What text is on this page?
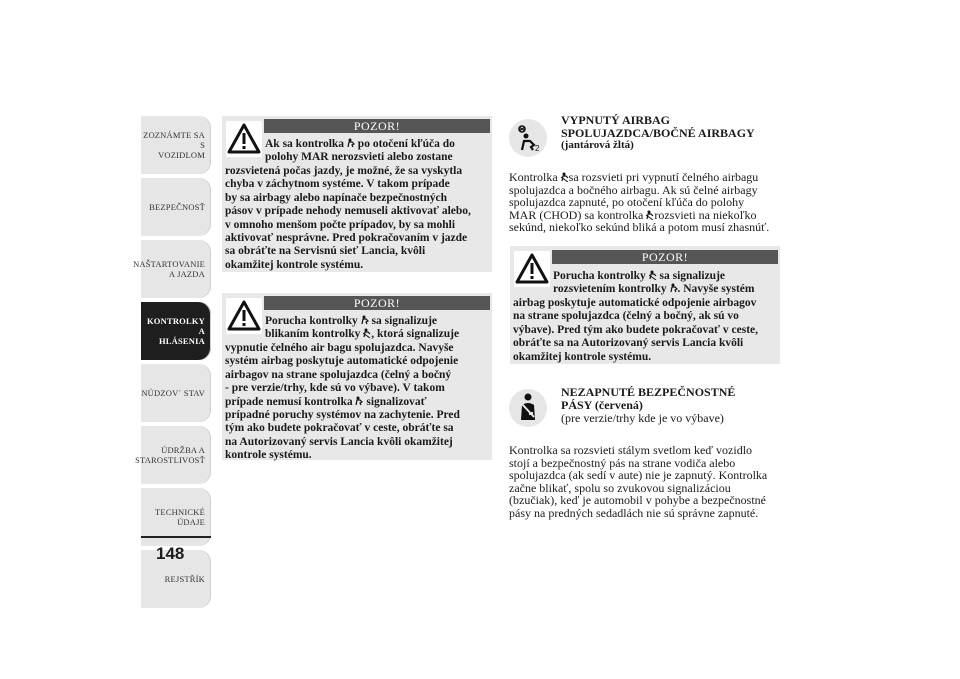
ZOZNÁMTE SA S
VOZIDLOM
BEZPEČNOSŤ
NAŠTARTOVANIE
A JAZDA
KONTROLKY A
HLÁSENIA
NÚDZOV´ STAV
ÚDRŽBA A
STAROSTLIVOSŤ
TECHNICKÉ
ÚDAJE
REJSTŘÍK
148
POZOR!
Ak sa kontrolka po otočení kľúča do
polohy MAR nerozsvieti alebo zostane
rozsvietená počas jazdy, je možné, že sa vyskytla
chyba v záchytnom systéme. V takom prípade
by sa airbagy alebo napínače bezpečnostných
pásov v prípade nehody nemuseli aktivovať alebo,
v omnoho menšom počte prípadov, by sa mohli
aktivovať nesprávne. Pred pokračovaním v jazde
sa obráťte na Servisnú sieť Lancia, kvôli
okamžitej kontrole systému.
POZOR!
Porucha kontrolky sa signalizuje
blikaním kontrolky , ktorá signalizuje
vypnutie čelného air bagu spolujazdca. Navyše
systém airbag poskytuje automatické odpojenie
airbagov na strane spolujazdca (čelný a bočný
- pre verzie/trhy, kde sú vo výbave). V takom
prípade nemusí kontrolka signalizovať
prípadné poruchy systémov na zachytenie. Pred
tým ako budete pokračovať v ceste, obráťte sa
na Autorizovaný servis Lancia kvôli okamžitej
kontrole systému.
2
VYPNUTÝ AIRBAG
SPOLUJAZDCA/BOČNÉ AIRBAGY
(jantárová žltá)
Kontrolka sa rozsvieti pri vypnutí čelného airbagu
spolujazdca a bočného airbagu. Ak sú čelné airbagy
spolujazdca zapnuté, po otočení kľúča do polohy
MAR (CHOD) sa kontrolka rozsvieti na niekoľko
sekúnd, niekoľko sekúnd bliká a potom musí zhasnúť.
POZOR!
Porucha kontrolky sa signalizuje
rozsvietením kontrolky . Navyše systém
airbag poskytuje automatické odpojenie airbagov
na strane spolujazdca (čelný a bočný, ak sú vo
výbave). Pred tým ako budete pokračovať v ceste,
obráťte sa na Autorizovaný servis Lancia kvôli
okamžitej kontrole systému.
NEZAPNUTÉ BEZPEČNOSTNÉ
PÁSY (červená)
(pre verzie/trhy kde je vo výbave)
Kontrolka sa rozsvieti stálym svetlom keď vozidlo
stojí a bezpečnostný pás na strane vodiča alebo
spolujazdca (ak sedí v aute) nie je zapnutý. Kontrolka
začne blikať, spolu so zvukovou signalizáciou
(bzučiak), keď je automobil v pohybe a bezpečnostné
pásy na predných sedadlách nie sú správne zapnuté.
